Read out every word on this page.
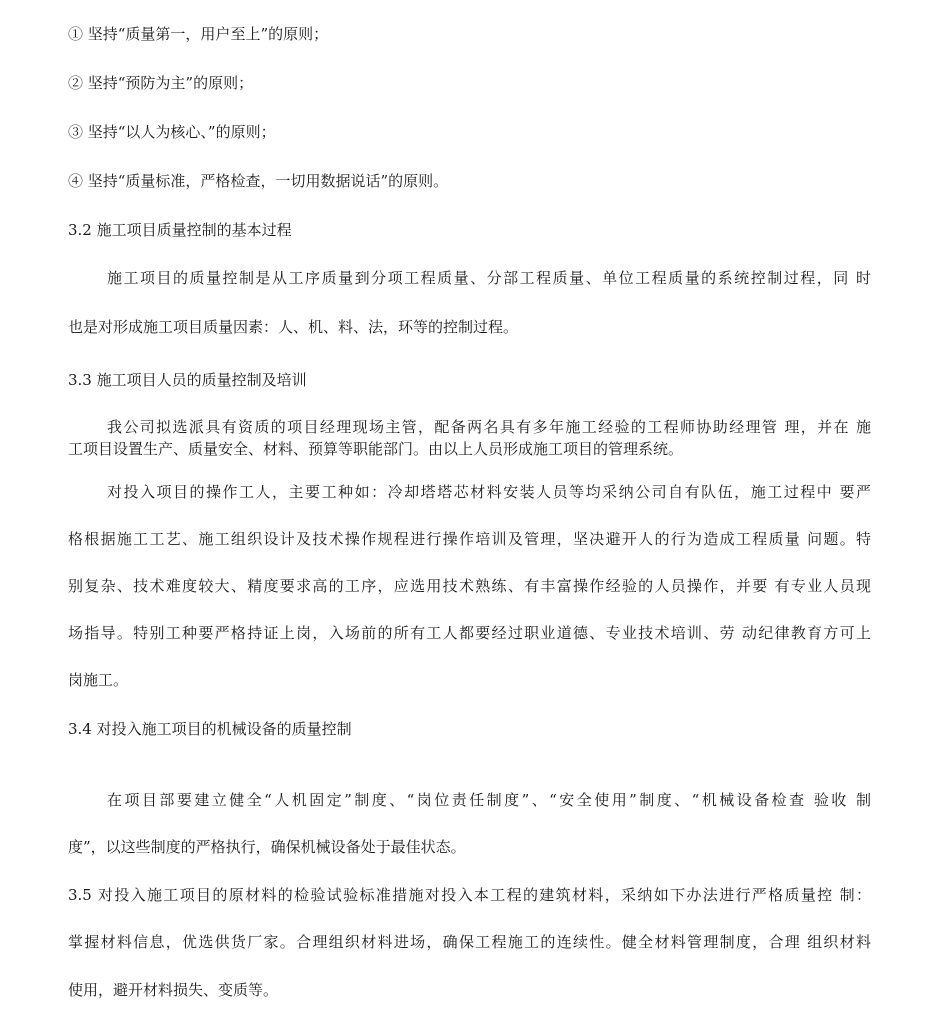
① 坚持“质量第一，用户至上”的原则；
② 坚持“预防为主”的原则；
③ 坚持“以人为核心、”的原则；
④ 坚持“质量标准，严格检查，一切用数据说话”的原则。
3.2 施工项目质量控制的基本过程
施工项目的质量控制是从工序质量到分项工程质量、分部工程质量、单位工程质量的系统控制过程，同 时
也是对形成施工项目质量因素：人、机、料、法，环等的控制过程。
3.3 施工项目人员的质量控制及培训
我公司拟选派具有资质的项目经理现场主管，配备两名具有多年施工经验的工程师协助经理管 理，并在 施
工项目设置生产、质量安全、材料、预算等职能部门。由以上人员形成施工项目的管理系统。
对投入项目的操作工人，主要工种如：冷却塔塔芯材料安装人员等均采纳公司自有队伍，施工过程中 要严
格根据施工工艺、施工组织设计及技术操作规程进行操作培训及管理，坚决避开人的行为造成工程质量 问题。特
别复杂、技术难度较大、精度要求高的工序，应选用技术熟练、有丰富操作经验的人员操作，并要 有专业人员现
场指导。特别工种要严格持证上岗，入场前的所有工人都要经过职业道德、专业技术培训、劳 动纪律教育方可上
岗施工。
3.4 对投入施工项目的机械设备的质量控制
在项目部要建立健全“人机固定”制度、“岗位责任制度”、“安全使用”制度、“机械设备检查 验收 制
度”，以这些制度的严格执行，确保机械设备处于最佳状态。
3.5 对投入施工项目的原材料的检验试验标准措施对投入本工程的建筑材料，采纳如下办法进行严格质量控 制：
掌握材料信息，优选供货厂家。合理组织材料进场，确保工程施工的连续性。健全材料管理制度，合理 组织材料
使用，避开材料损失、变质等。
